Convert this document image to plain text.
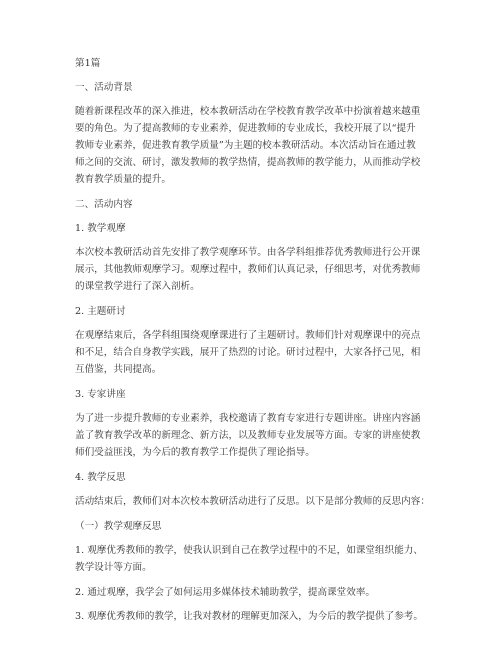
第1篇
一、活动背景
随着新课程改革的深入推进，校本教研活动在学校教育教学改革中扮演着越来越重
要的角色。为了提高教师的专业素养，促进教师的专业成长，我校开展了以“提升
教师专业素养，促进教育教学质量”为主题的校本教研活动。本次活动旨在通过教
师之间的交流、研讨，激发教师的教学热情，提高教师的教学能力，从而推动学校
教育教学质量的提升。
二、活动内容
1. 教学观摩
本次校本教研活动首先安排了教学观摩环节。由各学科组推荐优秀教师进行公开课
展示，其他教师观摩学习。观摩过程中，教师们认真记录，仔细思考，对优秀教师
的课堂教学进行了深入剖析。
2. 主题研讨
在观摩结束后，各学科组围绕观摩课进行了主题研讨。教师们针对观摩课中的亮点
和不足，结合自身教学实践，展开了热烈的讨论。研讨过程中，大家各抒己见，相
互借鉴，共同提高。
3. 专家讲座
为了进一步提升教师的专业素养，我校邀请了教育专家进行专题讲座。讲座内容涵
盖了教育教学改革的新理念、新方法，以及教师专业发展等方面。专家的讲座使教
师们受益匪浅，为今后的教育教学工作提供了理论指导。
4. 教学反思
活动结束后，教师们对本次校本教研活动进行了反思。以下是部分教师的反思内容：
（一）教学观摩反思
1. 观摩优秀教师的教学，使我认识到自己在教学过程中的不足，如课堂组织能力、
教学设计等方面。
2. 通过观摩，我学会了如何运用多媒体技术辅助教学，提高课堂效率。
3. 观摩优秀教师的教学，让我对教材的理解更加深入，为今后的教学提供了参考。
